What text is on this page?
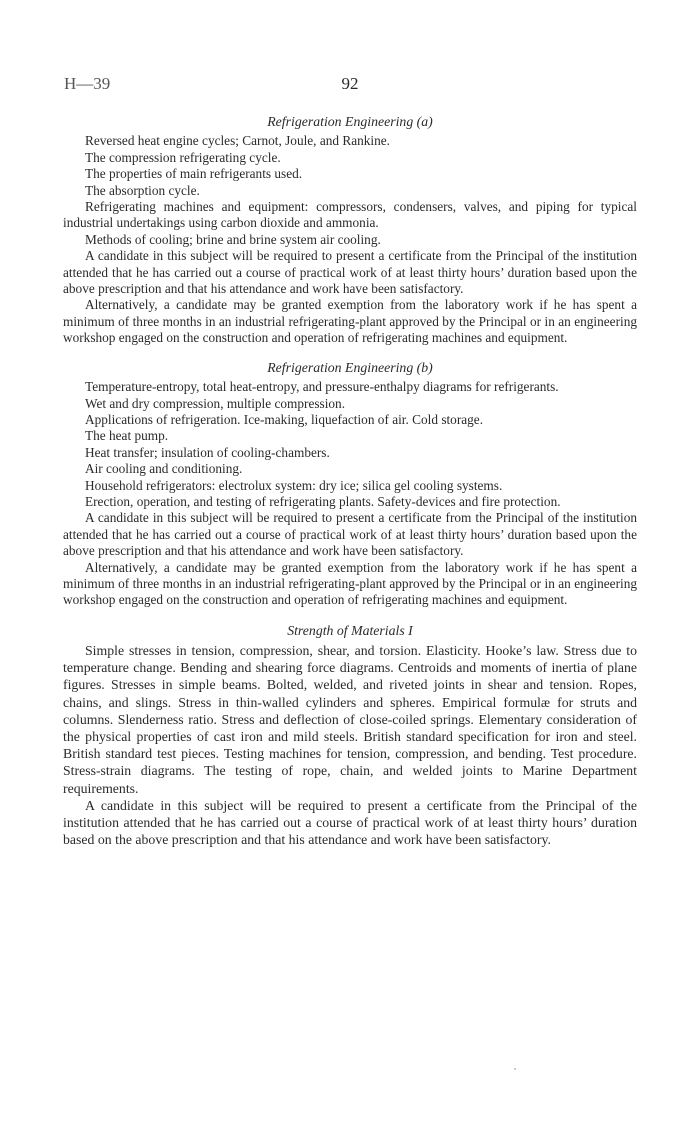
H—39	92

Refrigeration Engineering (a)

Reversed heat engine cycles; Carnot, Joule, and Rankine.

The compression refrigerating cycle.

The properties of main refrigerants used.

The absorption cycle.

Refrigerating machines and equipment: compressors, condensers, valves, and piping for typical industrial undertakings using carbon dioxide and ammonia.

Methods of cooling; brine and brine system air cooling.

A candidate in this subject will be required to present a certificate from the Principal of the institution attended that he has carried out a course of practical work of at least thirty hours’ duration based upon the above prescription and that his attendance and work have been satisfactory.

Alternatively, a candidate may be granted exemption from the laboratory work if he has spent a minimum of three months in an industrial refrigerating-plant approved by the Principal or in an engineering workshop engaged on the construction and operation of refrigerating machines and equipment.

Refrigeration Engineering (b)

Temperature-entropy, total heat-entropy, and pressure-enthalpy diagrams for refrigerants.

Wet and dry compression, multiple compression.

Applications of refrigeration. Ice-making, liquefaction of air. Cold storage.

The heat pump.

Heat transfer; insulation of cooling-chambers.

Air cooling and conditioning.

Household refrigerators: electrolux system: dry ice; silica gel cooling systems.

Erection, operation, and testing of refrigerating plants. Safety-devices and fire protection.

A candidate in this subject will be required to present a certificate from the Principal of the institution attended that he has carried out a course of practical work of at least thirty hours’ duration based upon the above prescription and that his attendance and work have been satisfactory.

Alternatively, a candidate may be granted exemption from the laboratory work if he has spent a minimum of three months in an industrial refrigerating-plant approved by the Principal or in an engineering workshop engaged on the construction and operation of refrigerating machines and equipment.

Strength of Materials I

Simple stresses in tension, compression, shear, and torsion. Elasticity. Hooke’s law. Stress due to temperature change. Bending and shearing force diagrams. Centroids and moments of inertia of plane figures. Stresses in simple beams. Bolted, welded, and riveted joints in shear and tension. Ropes, chains, and slings. Stress in thin-walled cylinders and spheres. Empirical formulæ for struts and columns. Slenderness ratio. Stress and deflection of close-coiled springs. Elementary consideration of the physical properties of cast iron and mild steels. British standard specification for iron and steel. British standard test pieces. Testing machines for tension, compression, and bending. Test procedure. Stress-strain diagrams. The testing of rope, chain, and welded joints to Marine Department requirements.

A candidate in this subject will be required to present a certificate from the Principal of the institution attended that he has carried out a course of practical work of at least thirty hours’ duration based on the above prescription and that his attendance and work have been satisfactory.
